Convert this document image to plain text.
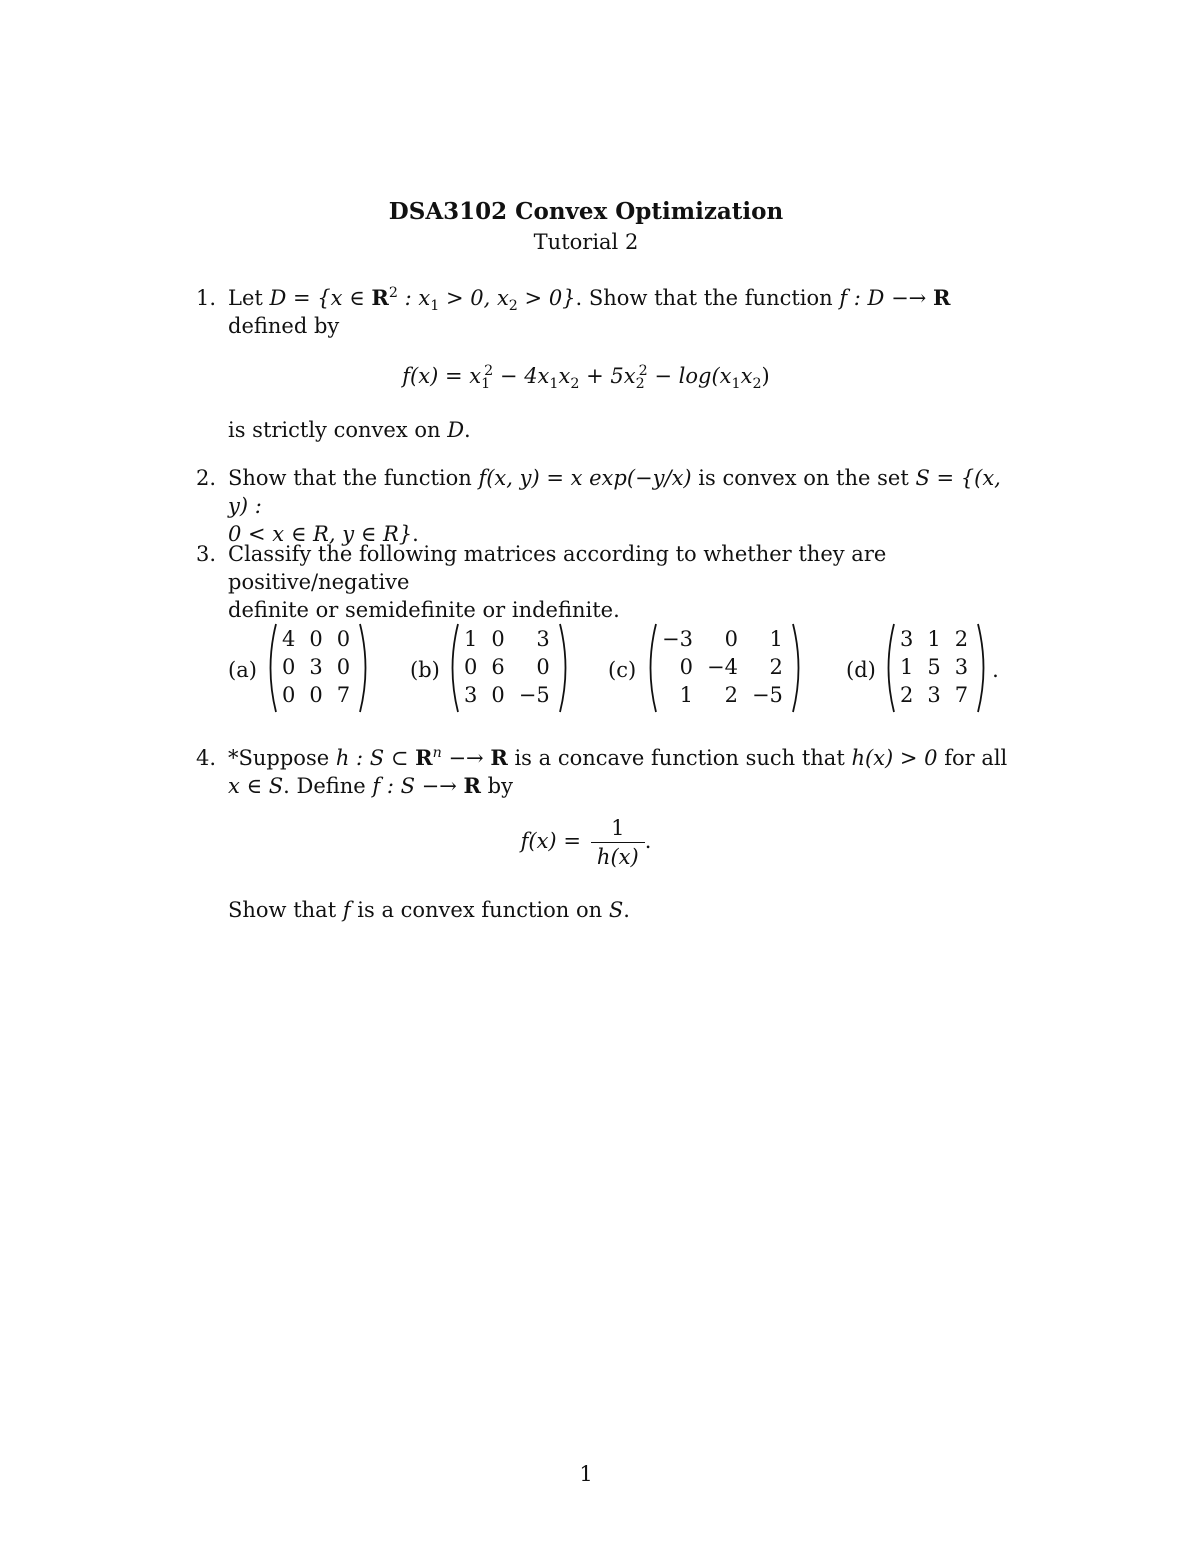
DSA3102 Convex Optimization
Tutorial 2
1. Let D = {x ∈ $R^2$ : $x_1 > 0$, $x_2 > 0$}. Show that the function f : D −→ R
defined by
$f(x) = x_1^2 - 4x_1x_2 + 5x_2^2 - \log(x_1x_2)$
is strictly convex on D.
2. Show that the function f(x, y) = x exp(−y/x) is convex on the set S = {(x, y) :
0 < x ∈ R, y ∈ R}.
3. Classify the following matrices according to whether they are positive/negative
definite or semidefinite or indefinite.
(a)
4	0	0
0	3	0
0	0	7
(b)
1	0	3
0	6	0
3	0	−5
(c)
−3	0	1
0	−4	2
1	2	−5
(d)
3	1	2
1	5	3
2	3	7
.
4. *Suppose h : S ⊂ $R^n -\to R$ is a concave function such that h(x) > 0 for all
x ∈ S. Define f : S −→ R by
$f(x) = \frac{1}{h(x)}$ .
Show that f is a convex function on S.
1
